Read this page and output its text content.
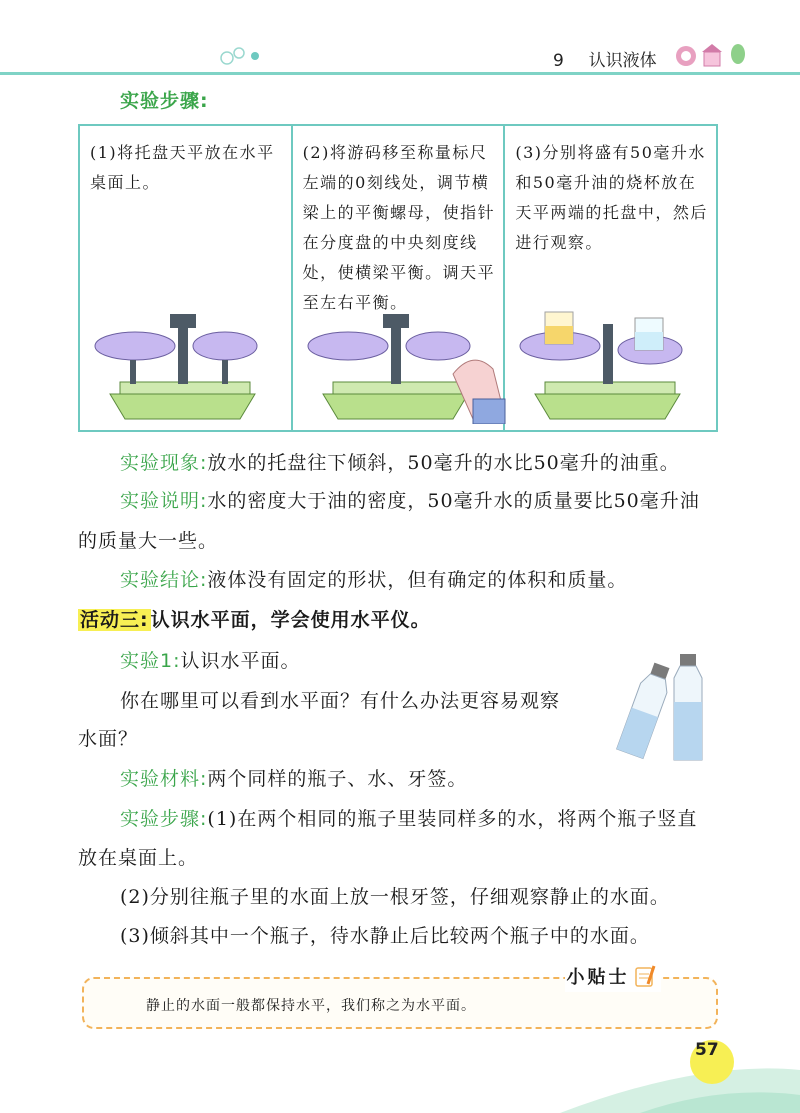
9 认识液体
实验步骤:
(1)将托盘天平放在水平桌面上。
(2)将游码移至称量标尺左端的0刻线处，调节横梁上的平衡螺母，使指针在分度盘的中央刻度线处，使横梁平衡。调天平至左右平衡。
(3)分别将盛有50毫升水和50毫升油的烧杯放在天平两端的托盘中，然后进行观察。
实验现象:放水的托盘往下倾斜，50毫升的水比50毫升的油重。
实验说明:水的密度大于油的密度，50毫升水的质量要比50毫升油
的质量大一些。
实验结论:液体没有固定的形状，但有确定的体积和质量。
活动三: 认识水平面，学会使用水平仪。
实验1:认识水平面。
你在哪里可以看到水平面？有什么办法更容易观察
水面？
实验材料:两个同样的瓶子、水、牙签。
实验步骤:(1)在两个相同的瓶子里装同样多的水，将两个瓶子竖直
放在桌面上。
(2)分别往瓶子里的水面上放一根牙签，仔细观察静止的水面。
(3)倾斜其中一个瓶子，待水静止后比较两个瓶子中的水面。
小贴士
静止的水面一般都保持水平，我们称之为水平面。
57
